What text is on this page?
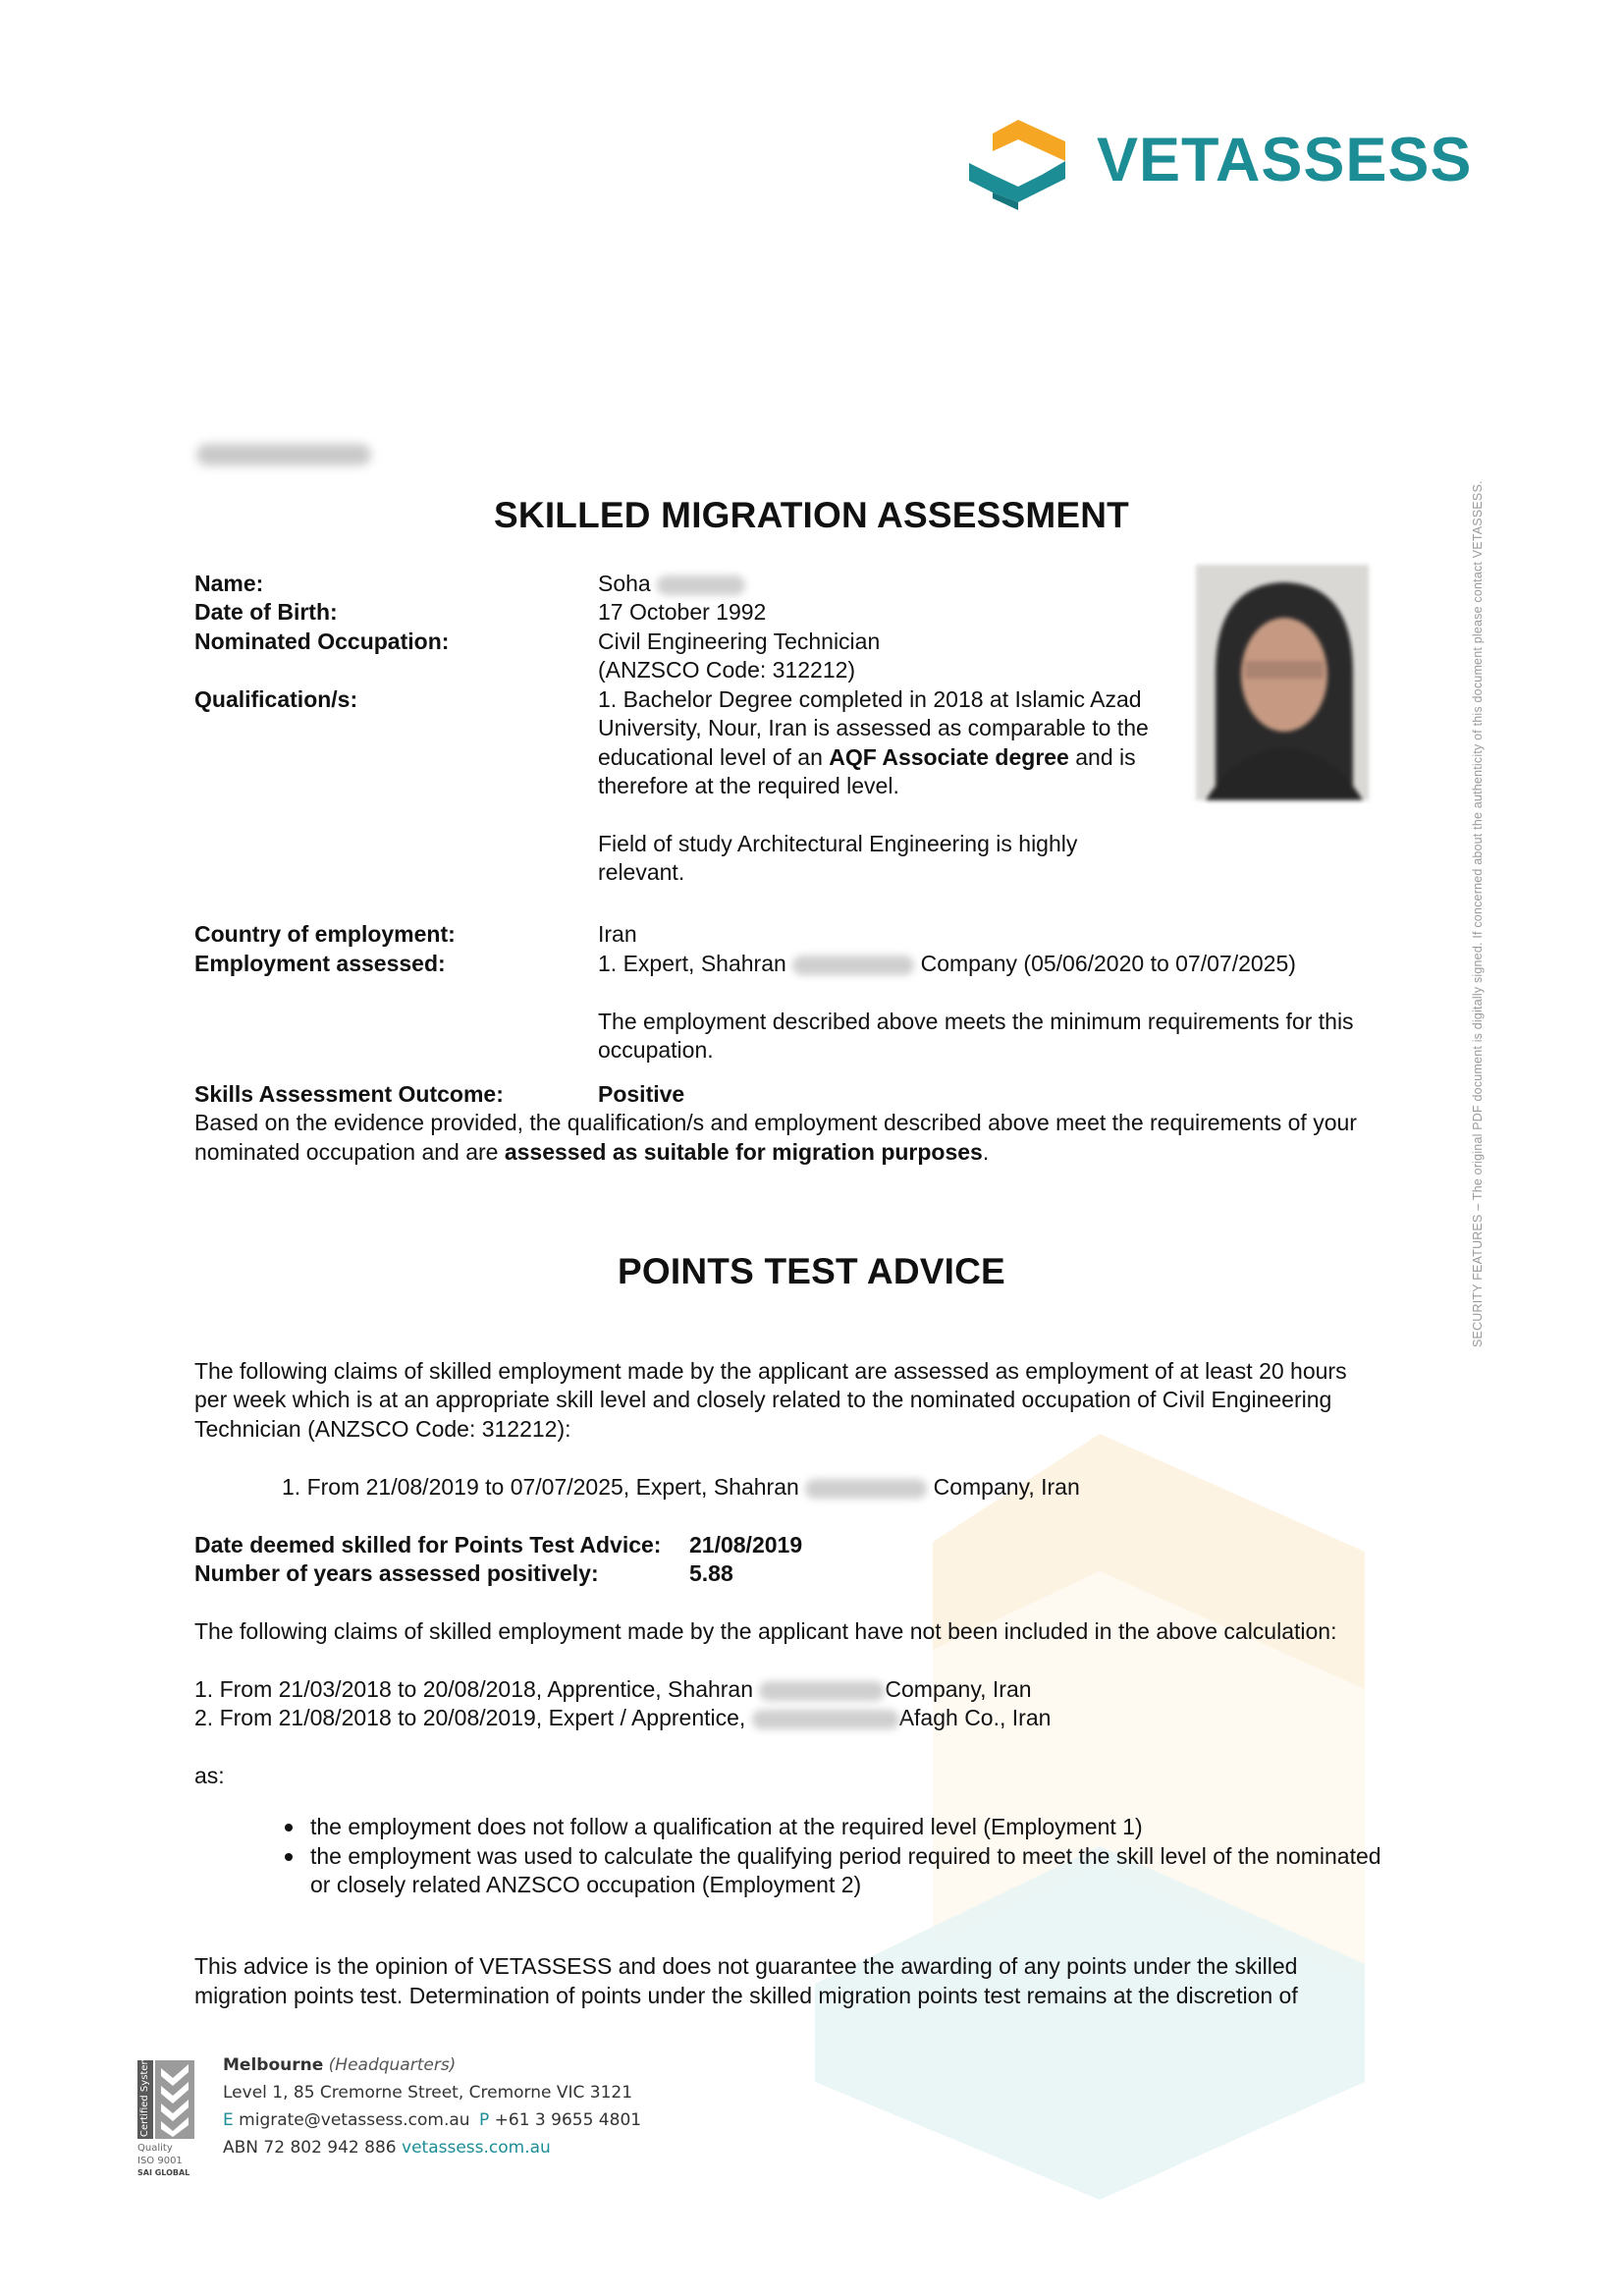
VETASSESS
SECURITY FEATURES – The original PDF document is digitally signed. If concerned about the authenticity of this document please contact VETASSESS.
SKILLED MIGRATION ASSESSMENT
Name:	Soha
Date of Birth:	17 October 1992
Nominated Occupation:	Civil Engineering Technician
(ANZSCO Code: 312212)
Qualification/s:	1. Bachelor Degree completed in 2018 at Islamic Azad
University, Nour, Iran is assessed as comparable to the
educational level of an AQF Associate degree and is
therefore at the required level.
Field of study Architectural Engineering is highly
relevant.
Country of employment:	Iran
Employment assessed:	1. Expert, Shahran	Company (05/06/2020 to 07/07/2025)
The employment described above meets the minimum requirements for this
occupation.
Skills Assessment Outcome:	Positive
Based on the evidence provided, the qualification/s and employment described above meet the requirements of your
nominated occupation and are assessed as suitable for migration purposes.
POINTS TEST ADVICE
The following claims of skilled employment made by the applicant are assessed as employment of at least 20 hours
per week which is at an appropriate skill level and closely related to the nominated occupation of Civil Engineering
Technician (ANZSCO Code: 312212):
1. From 21/08/2019 to 07/07/2025, Expert, Shahran	Company, Iran
Date deemed skilled for Points Test Advice: 21/08/2019
Number of years assessed positively:	5.88
The following claims of skilled employment made by the applicant have not been included in the above calculation:
1. From 21/03/2018 to 20/08/2018, Apprentice, Shahran	Company, Iran
2. From 21/08/2018 to 20/08/2019, Expert / Apprentice,	Afagh Co., Iran
as:
the employment does not follow a qualification at the required level (Employment 1)
the employment was used to calculate the qualifying period required to meet the skill level of the nominated
or closely related ANZSCO occupation (Employment 2)
This advice is the opinion of VETASSESS and does not guarantee the awarding of any points under the skilled
migration points test. Determination of points under the skilled migration points test remains at the discretion of
Certified System
Quality
ISO 9001
SAI GLOBAL
Melbourne (Headquarters)
Level 1, 85 Cremorne Street, Cremorne VIC 3121
E migrate@vetassess.com.au P +61 3 9655 4801
ABN 72 802 942 886 vetassess.com.au
